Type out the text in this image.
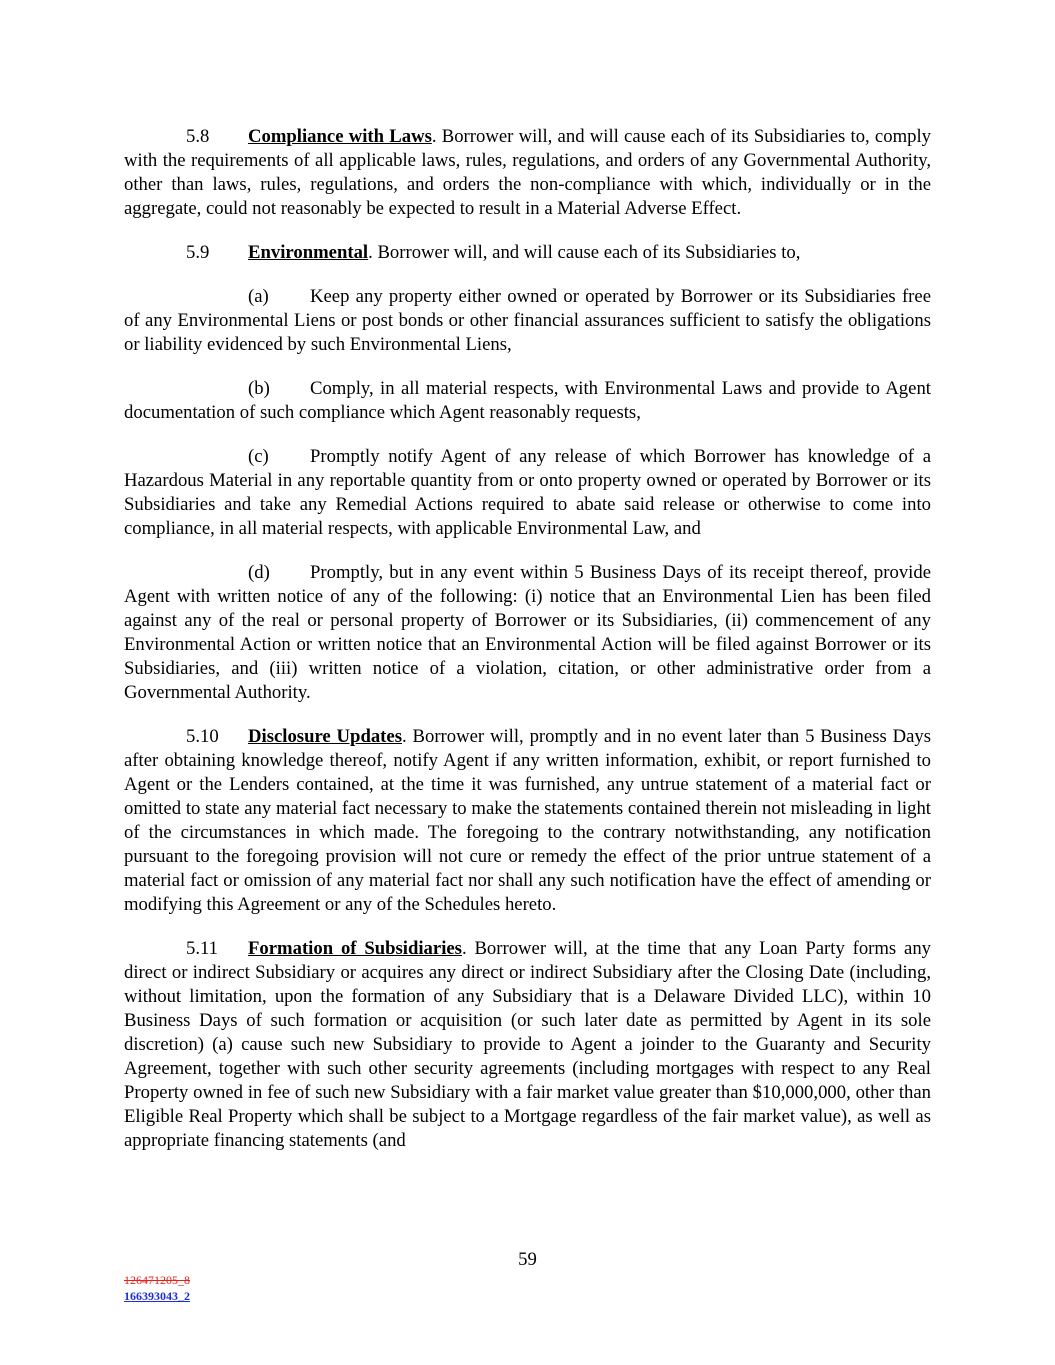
5.8 Compliance with Laws. Borrower will, and will cause each of its Subsidiaries to, comply with the requirements of all applicable laws, rules, regulations, and orders of any Governmental Authority, other than laws, rules, regulations, and orders the non-compliance with which, individually or in the aggregate, could not reasonably be expected to result in a Material Adverse Effect.

5.9 Environmental. Borrower will, and will cause each of its Subsidiaries to,

(a) Keep any property either owned or operated by Borrower or its Subsidiaries free of any Environmental Liens or post bonds or other financial assurances sufficient to satisfy the obligations or liability evidenced by such Environmental Liens,

(b) Comply, in all material respects, with Environmental Laws and provide to Agent documentation of such compliance which Agent reasonably requests,

(c) Promptly notify Agent of any release of which Borrower has knowledge of a Hazardous Material in any reportable quantity from or onto property owned or operated by Borrower or its Subsidiaries and take any Remedial Actions required to abate said release or otherwise to come into compliance, in all material respects, with applicable Environmental Law, and

(d) Promptly, but in any event within 5 Business Days of its receipt thereof, provide Agent with written notice of any of the following: (i) notice that an Environmental Lien has been filed against any of the real or personal property of Borrower or its Subsidiaries, (ii) commencement of any Environmental Action or written notice that an Environmental Action will be filed against Borrower or its Subsidiaries, and (iii) written notice of a violation, citation, or other administrative order from a Governmental Authority.

5.10 Disclosure Updates. Borrower will, promptly and in no event later than 5 Business Days after obtaining knowledge thereof, notify Agent if any written information, exhibit, or report furnished to Agent or the Lenders contained, at the time it was furnished, any untrue statement of a material fact or omitted to state any material fact necessary to make the statements contained therein not misleading in light of the circumstances in which made. The foregoing to the contrary notwithstanding, any notification pursuant to the foregoing provision will not cure or remedy the effect of the prior untrue statement of a material fact or omission of any material fact nor shall any such notification have the effect of amending or modifying this Agreement or any of the Schedules hereto.

5.11 Formation of Subsidiaries. Borrower will, at the time that any Loan Party forms any direct or indirect Subsidiary or acquires any direct or indirect Subsidiary after the Closing Date (including, without limitation, upon the formation of any Subsidiary that is a Delaware Divided LLC), within 10 Business Days of such formation or acquisition (or such later date as permitted by Agent in its sole discretion) (a) cause such new Subsidiary to provide to Agent a joinder to the Guaranty and Security Agreement, together with such other security agreements (including mortgages with respect to any Real Property owned in fee of such new Subsidiary with a fair market value greater than $10,000,000, other than Eligible Real Property which shall be subject to a Mortgage regardless of the fair market value), as well as appropriate financing statements (and

59
126471205_8
166393043_2
